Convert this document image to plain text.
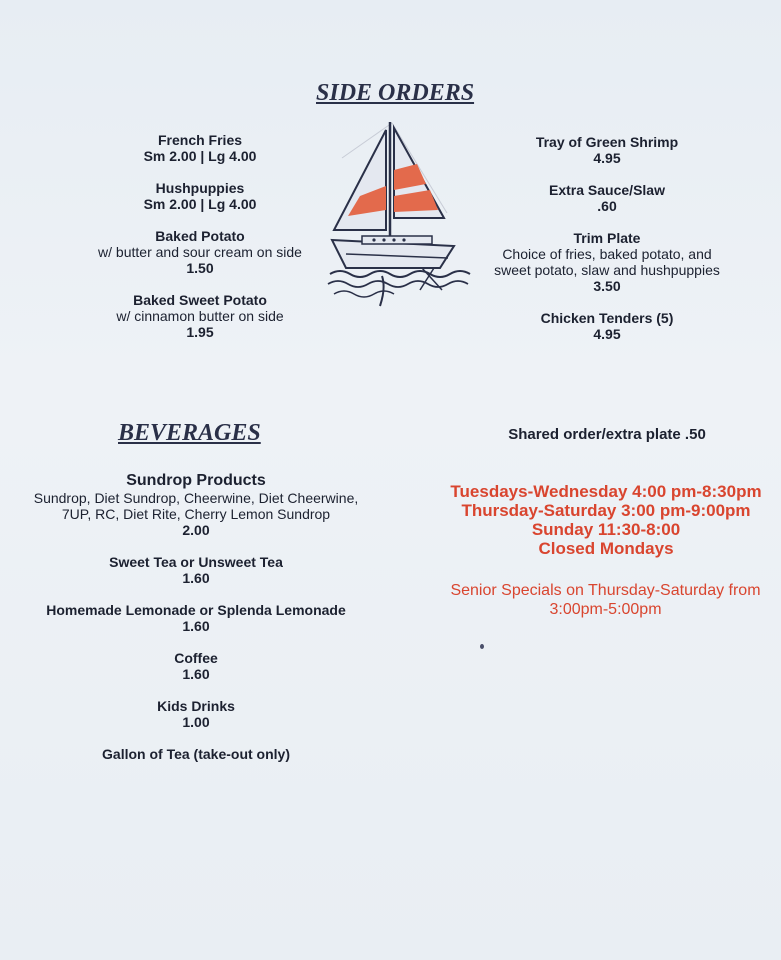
SIDE ORDERS
French Fries
Sm 2.00 | Lg 4.00
Hushpuppies
Sm 2.00 | Lg 4.00
Baked Potato
w/ butter and sour cream on side
1.50
Baked Sweet Potato
w/ cinnamon butter on side
1.95
Tray of Green Shrimp
4.95
Extra Sauce/Slaw
.60
Trim Plate
Choice of fries, baked potato, and
sweet potato, slaw and hushpuppies
3.50
Chicken Tenders (5)
4.95
BEVERAGES
Sundrop Products
Sundrop, Diet Sundrop, Cheerwine, Diet Cheerwine,
7UP, RC, Diet Rite, Cherry Lemon Sundrop
2.00
Sweet Tea or Unsweet Tea
1.60
Homemade Lemonade or Splenda Lemonade
1.60
Coffee
1.60
Kids Drinks
1.00
Gallon of Tea (take-out only)
Shared order/extra plate .50
Tuesdays-Wednesday 4:00 pm-8:30pm
Thursday-Saturday 3:00 pm-9:00pm
Sunday 11:30-8:00
Closed Mondays
Senior Specials on Thursday-Saturday from
3:00pm-5:00pm
